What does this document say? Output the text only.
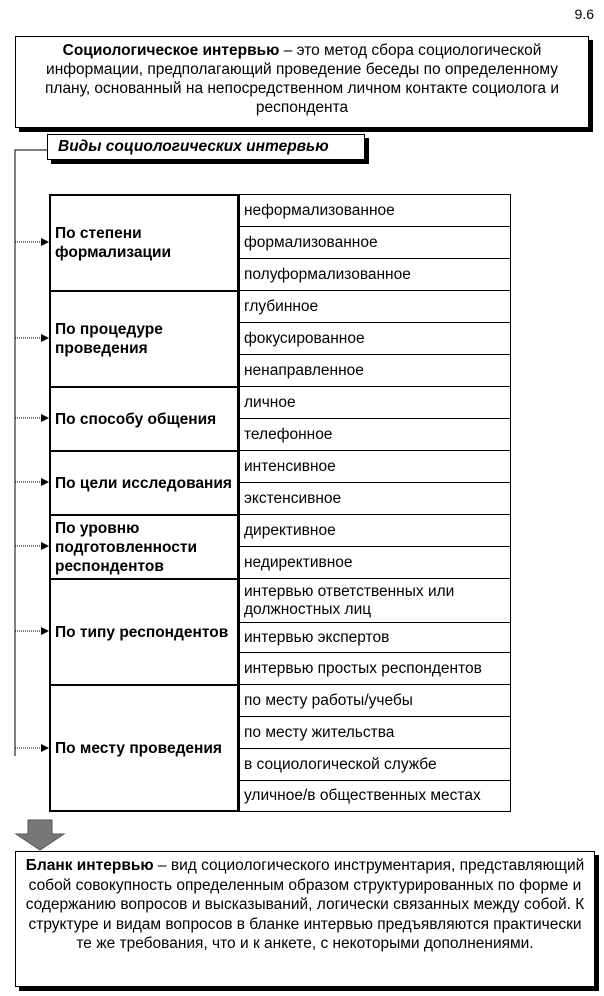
9.6
Социологическое интервью – это метод сбора социологической информации, предполагающий проведение беседы по определенному плану, основанный на непосредственном личном контакте социолога и респондента
Виды социологических интервью
По степени формализации
неформализованное
формализованное
полуформализованное
По процедуре проведения
глубинное
фокусированное
ненаправленное
По способу общения
личное
телефонное
По цели исследования
интенсивное
экстенсивное
По уровню подготовленности респондентов
директивное
недирективное
По типу респондентов
интервью ответственных или должностных лиц
интервью экспертов
интервью простых респондентов
По месту проведения
по месту работы/учебы
по месту жительства
в социологической службе
уличное/в общественных местах
Бланк интервью – вид социологического инструментария, представляющий собой совокупность определенным образом структурированных по форме и содержанию вопросов и высказываний, логически связанных между собой. К структуре и видам вопросов в бланке интервью предъявляются практически те же требования, что и к анкете, с некоторыми дополнениями.
